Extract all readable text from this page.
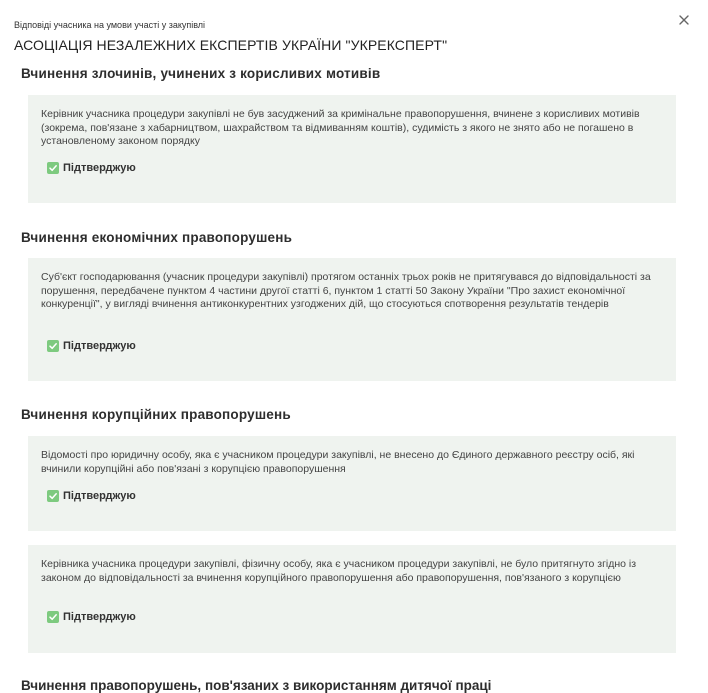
Відповіді учасника на умови участі у закупівлі
АСОЦІАЦІЯ НЕЗАЛЕЖНИХ ЕКСПЕРТІВ УКРАЇНИ "УКРЕКСПЕРТ"
Вчинення злочинів, учинених з корисливих мотивів
Керівник учасника процедури закупівлі не був засуджений за кримінальне правопорушення, вчинене з корисливих мотивів (зокрема, пов'язане з хабарництвом, шахрайством та відмиванням коштів), судимість з якого не знято або не погашено в установленому законом порядку
Підтверджую
Вчинення економічних правопорушень
Суб'єкт господарювання (учасник процедури закупівлі) протягом останніх трьох років не притягувався до відповідальності за порушення, передбачене пунктом 4 частини другої статті 6, пунктом 1 статті 50 Закону України "Про захист економічної конкуренції", у вигляді вчинення антиконкурентних узгоджених дій, що стосуються спотворення результатів тендерів
Підтверджую
Вчинення корупційних правопорушень
Відомості про юридичну особу, яка є учасником процедури закупівлі, не внесено до Єдиного державного реєстру осіб, які вчинили корупційні або пов'язані з корупцією правопорушення
Підтверджую
Керівника учасника процедури закупівлі, фізичну особу, яка є учасником процедури закупівлі, не було притягнуто згідно із законом до відповідальності за вчинення корупційного правопорушення або правопорушення, пов'язаного з корупцією
Підтверджую
Вчинення правопорушень, пов'язаних з використанням дитячої праці
